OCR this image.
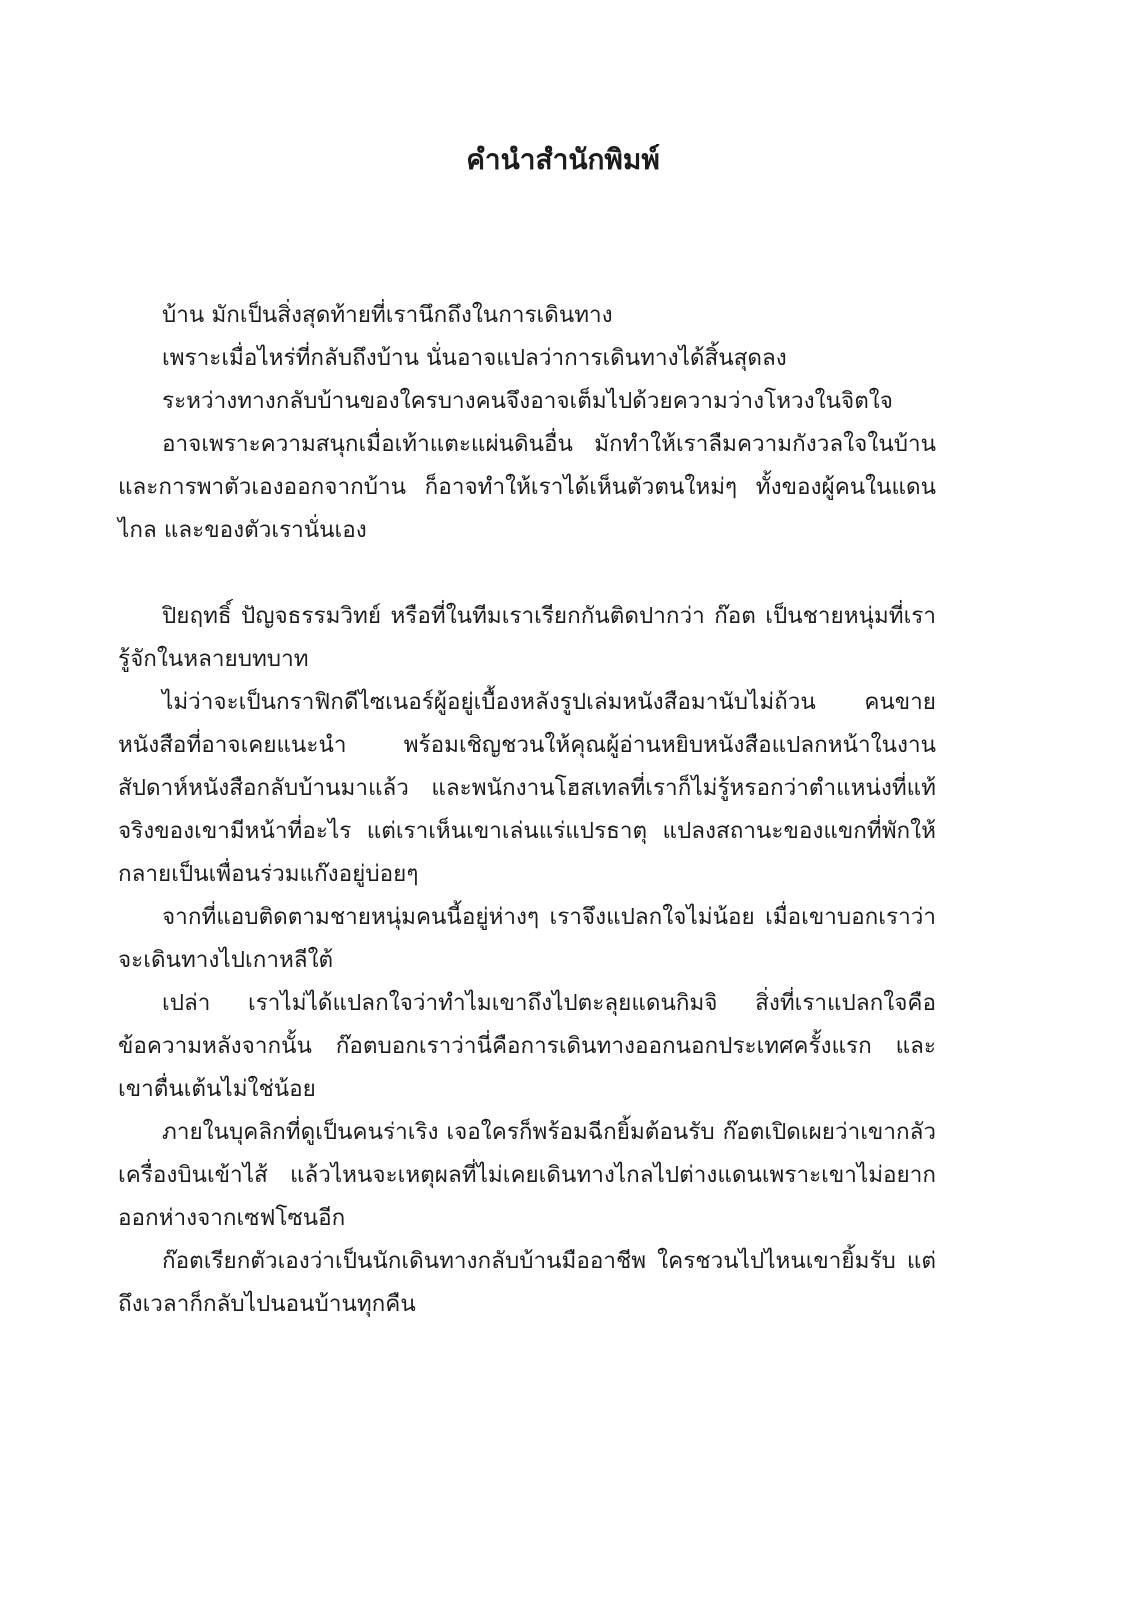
คำนำสำนักพิมพ์

บ้าน มักเป็นสิ่งสุดท้ายที่เรานึกถึงในการเดินทาง

เพราะเมื่อไหร่ที่กลับถึงบ้าน นั่นอาจแปลว่าการเดินทางได้สิ้นสุดลง

ระหว่างทางกลับบ้านของใครบางคนจึงอาจเต็มไปด้วยความว่างโหวงในจิตใจ

อาจเพราะความสนุกเมื่อเท้าแตะแผ่นดินอื่น มักทำให้เราลืมความกังวลใจในบ้าน และการพาตัวเองออกจากบ้าน ก็อาจทำให้เราได้เห็นตัวตนใหม่ๆ ทั้งของผู้คนในแดนไกล และของตัวเรานั่นเอง

ปิยฤทธิ์ ปัญจธรรมวิทย์ หรือที่ในทีมเราเรียกกันติดปากว่า ก๊อต เป็นชายหนุ่มที่เรารู้จักในหลายบทบาท

ไม่ว่าจะเป็นกราฟิกดีไซเนอร์ผู้อยู่เบื้องหลังรูปเล่มหนังสือมานับไม่ถ้วน คนขายหนังสือที่อาจเคยแนะนำ พร้อมเชิญชวนให้คุณผู้อ่านหยิบหนังสือแปลกหน้าในงานสัปดาห์หนังสือกลับบ้านมาแล้ว และพนักงานโฮสเทลที่เราก็ไม่รู้หรอกว่าตำแหน่งที่แท้จริงของเขามีหน้าที่อะไร แต่เราเห็นเขาเล่นแร่แปรธาตุ แปลงสถานะของแขกที่พักให้กลายเป็นเพื่อนร่วมแก๊งอยู่บ่อยๆ

จากที่แอบติดตามชายหนุ่มคนนี้อยู่ห่างๆ เราจึงแปลกใจไม่น้อย เมื่อเขาบอกเราว่า จะเดินทางไปเกาหลีใต้

เปล่า เราไม่ได้แปลกใจว่าทำไมเขาถึงไปตะลุยแดนกิมจิ สิ่งที่เราแปลกใจคือข้อความหลังจากนั้น ก๊อตบอกเราว่านี่คือการเดินทางออกนอกประเทศครั้งแรก และเขาตื่นเต้นไม่ใช่น้อย

ภายในบุคลิกที่ดูเป็นคนร่าเริง เจอใครก็พร้อมฉีกยิ้มต้อนรับ ก๊อตเปิดเผยว่าเขากลัวเครื่องบินเข้าไส้ แล้วไหนจะเหตุผลที่ไม่เคยเดินทางไกลไปต่างแดนเพราะเขาไม่อยากออกห่างจากเซฟโซนอีก

ก๊อตเรียกตัวเองว่าเป็นนักเดินทางกลับบ้านมืออาชีพ ใครชวนไปไหนเขายิ้มรับ แต่ถึงเวลาก็กลับไปนอนบ้านทุกคืน
